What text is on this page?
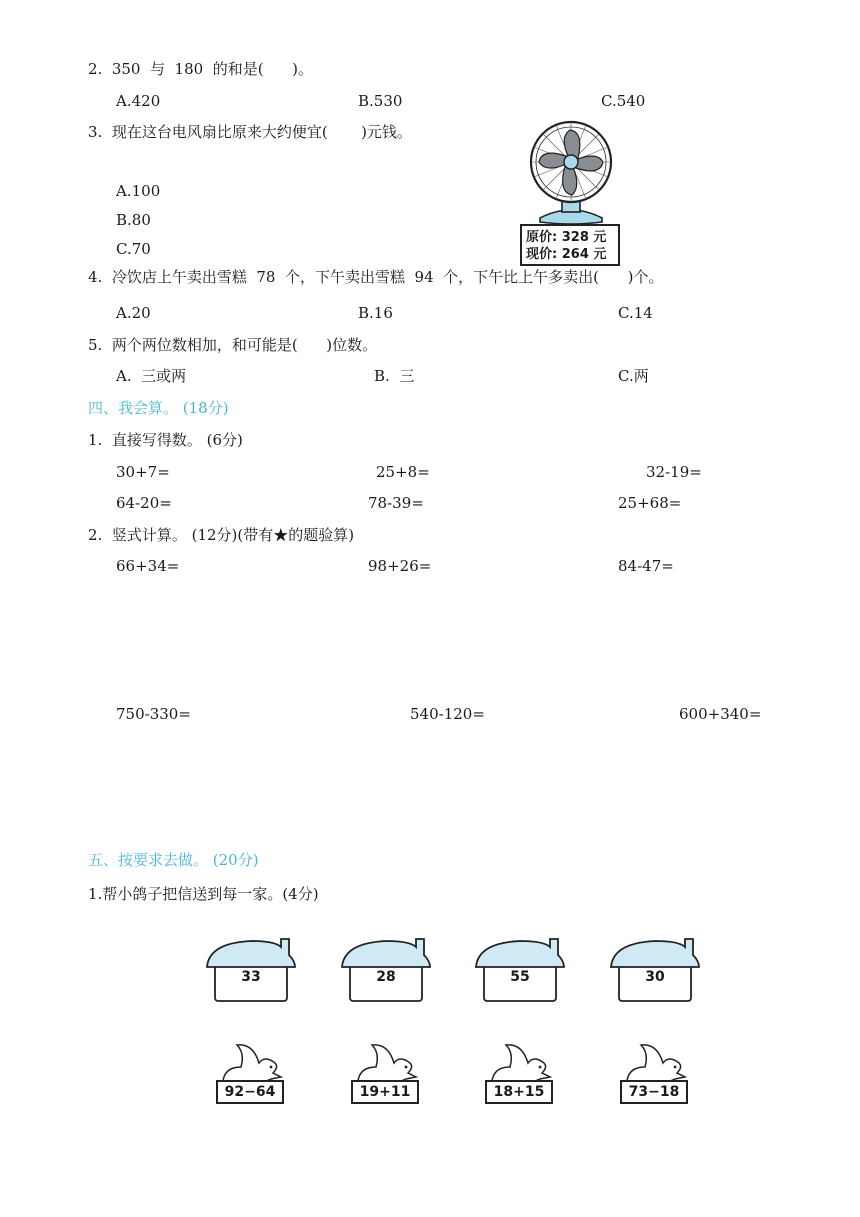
2.  350  与  180  的和是(      )。
A.420	B.530	C.540
3.  现在这台电风扇比原来大约便宜(       )元钱。
A.100
B.80
C.70
原价: 328 元
现价: 264 元
4.  冷饮店上午卖出雪糕  78  个，下午卖出雪糕  94  个，下午比上午多卖出(      )个。
A.20	B.16	C.14
5.  两个两位数相加，和可能是(      )位数。
A.  三或两	B.  三	C.两
四、我会算。 (18分)
1.  直接写得数。 (6分)
30+7=	25+8=	32-19=
64-20=	78-39=	25+68=
2.  竖式计算。 (12分)(带有★的题验算)
66+34=	98+26=	84-47=
750-330=	540-120=	600+340=
五、按要求去做。 (20分)
1.帮小鸽子把信送到每一家。(4分)
33	28	55	30
92−64	19+11	18+15	73−18
